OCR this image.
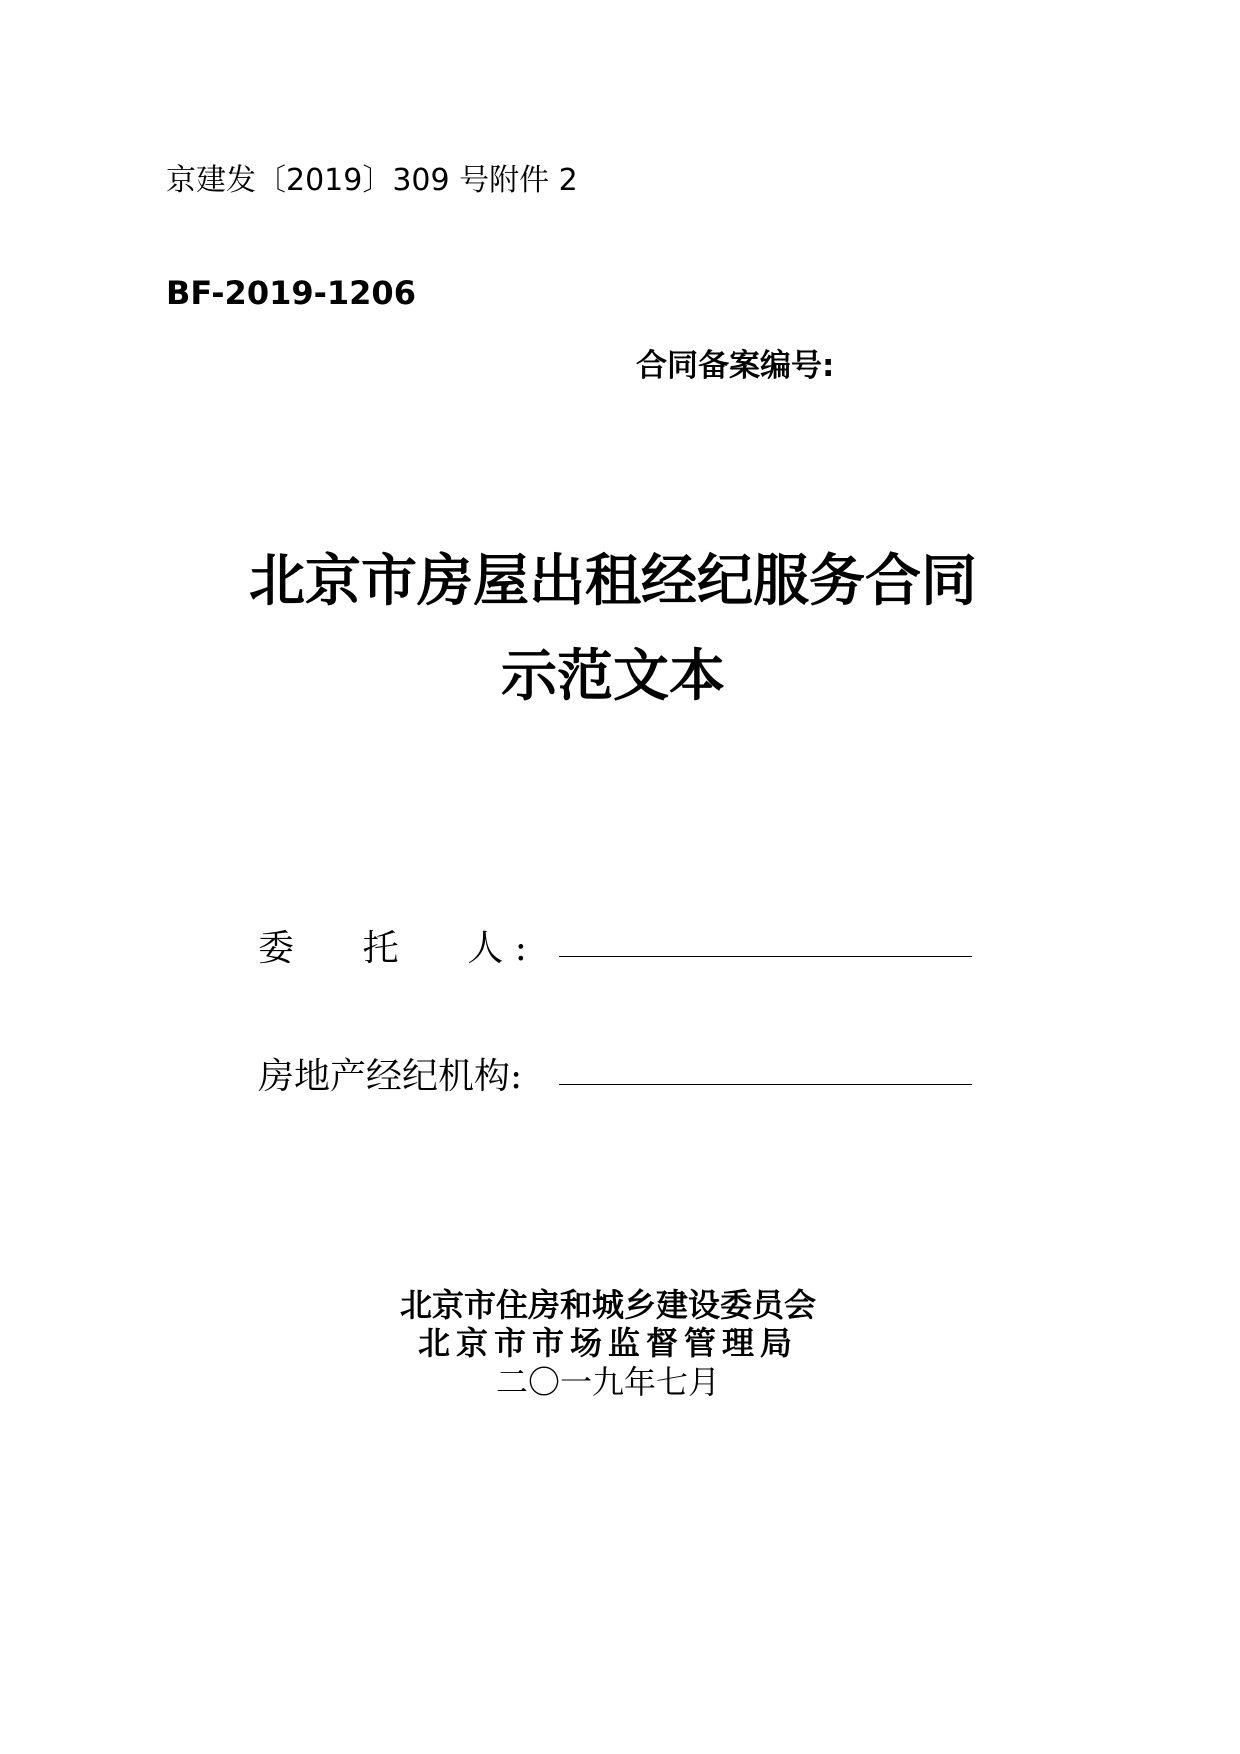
京建发〔2019〕309 号附件 2
BF-2019-1206
合同备案编号:
北京市房屋出租经纪服务合同
示范文本
委      托      人 :
房地产经纪机构:
北京市住房和城乡建设委员会
北京市市场监督管理局
二〇一九年七月
